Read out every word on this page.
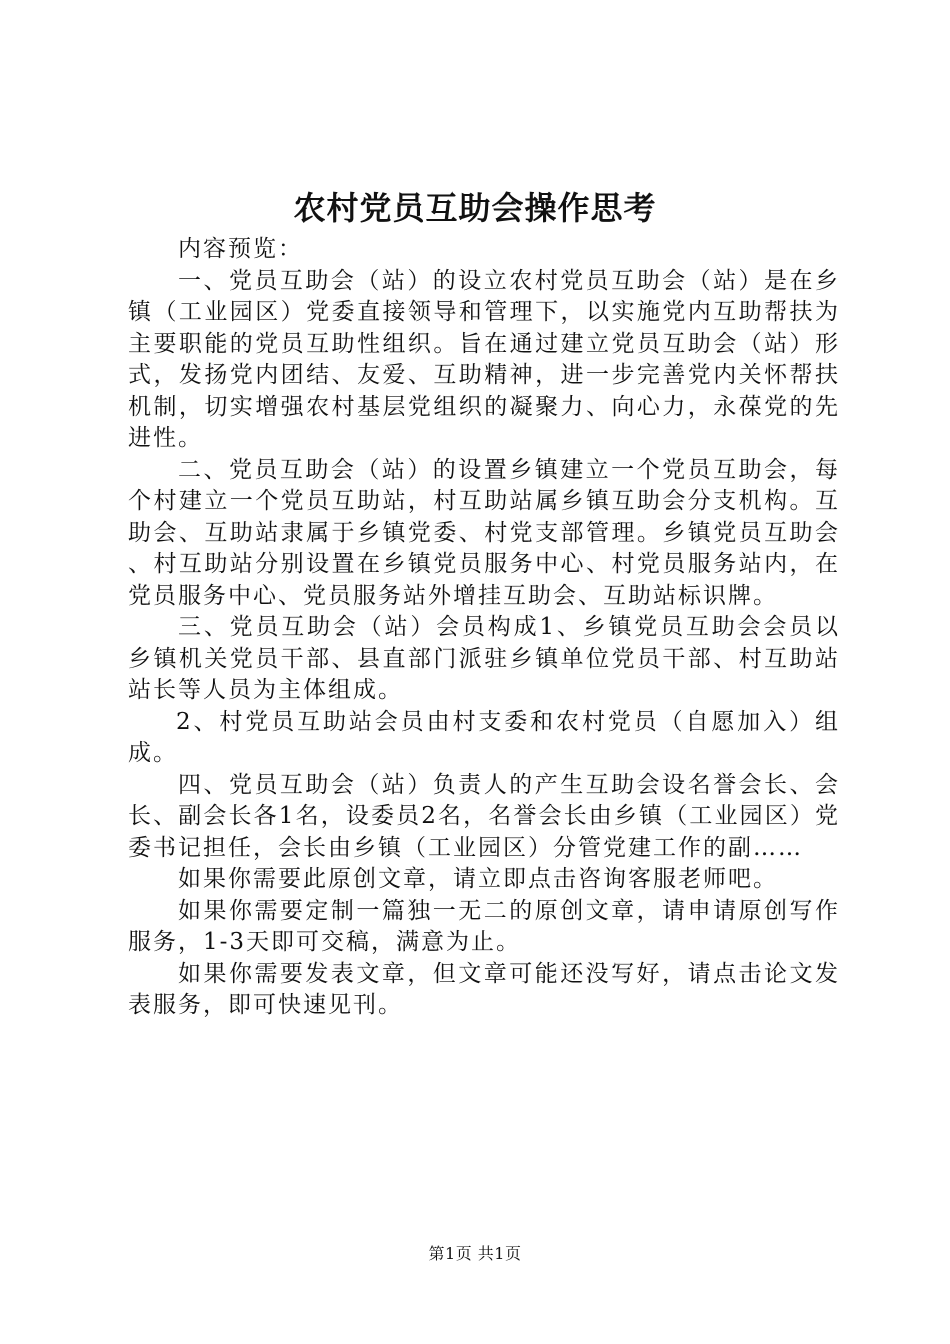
农村党员互助会操作思考

内容预览：

一、党员互助会（站）的设立农村党员互助会（站）是在乡镇（工业园区）党委直接领导和管理下，以实施党内互助帮扶为主要职能的党员互助性组织。旨在通过建立党员互助会（站）形式，发扬党内团结、友爱、互助精神，进一步完善党内关怀帮扶机制，切实增强农村基层党组织的凝聚力、向心力，永葆党的先进性。

二、党员互助会（站）的设置乡镇建立一个党员互助会，每个村建立一个党员互助站，村互助站属乡镇互助会分支机构。互助会、互助站隶属于乡镇党委、村党支部管理。乡镇党员互助会、村互助站分别设置在乡镇党员服务中心、村党员服务站内，在党员服务中心、党员服务站外增挂互助会、互助站标识牌。

三、党员互助会（站）会员构成1、乡镇党员互助会会员以乡镇机关党员干部、县直部门派驻乡镇单位党员干部、村互助站站长等人员为主体组成。

2、村党员互助站会员由村支委和农村党员（自愿加入）组成。

四、党员互助会（站）负责人的产生互助会设名誉会长、会长、副会长各1名，设委员2名，名誉会长由乡镇（工业园区）党委书记担任，会长由乡镇（工业园区）分管党建工作的副……

如果你需要此原创文章，请立即点击咨询客服老师吧。

如果你需要定制一篇独一无二的原创文章，请申请原创写作服务，1-3天即可交稿，满意为止。

如果你需要发表文章，但文章可能还没写好，请点击论文发表服务，即可快速见刊。

第1页 共1页
